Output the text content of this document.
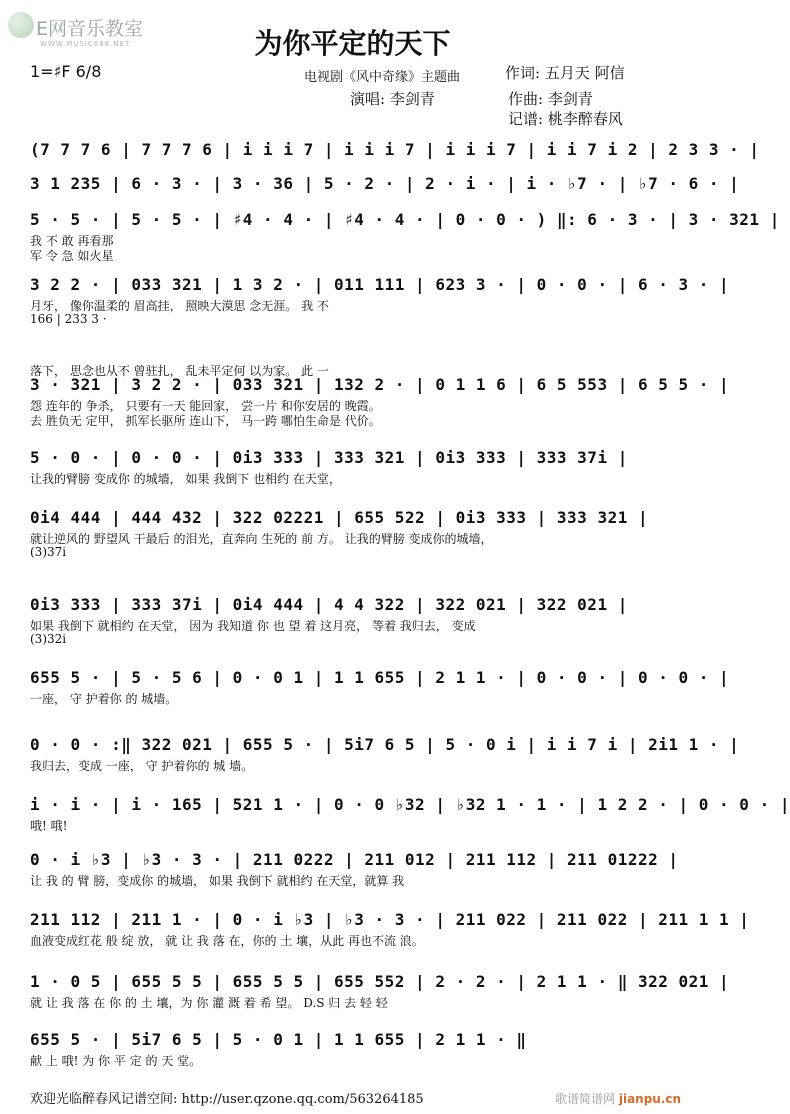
E网音乐教室
WWW.MUSIC888.NET	为你平定的天下
1=♯F 6/8	电视剧《风中奇缘》主题曲	作词: 五月天 阿信
演唱: 李剑青	作曲: 李剑青
记谱: 桃李醉春风
(7 7 7 6 | 7 7 7 6 | i i i 7 | i i i 7 | i i i 7 | i i 7 i 2 | 2 3 3 · |
3 1 235 | 6 · 3 · | 3 · 36 | 5 · 2 · | 2 · i · | i · ♭7 · | ♭7 · 6 · |
5 · 5 · | 5 · 5 · | ♯4 · 4 · | ♯4 · 4 · | 0 · 0 · ) ‖: 6 · 3 · | 3 · 321 |
我 不 敢 再看那
军 令 急 如火星
3 2 2 · | 033 321 | 1 3 2 · | 011 111 | 623 3 · | 0 · 0 · | 6 · 3 · |
月牙， 像你温柔的 眉高挂， 照映大漠思 念无涯。 我 不
166 | 233 3 ·
落下， 思念也从不 曾驻扎， 乱未平定何 以为家。 此 一
3 · 321 | 3 2 2 · | 033 321 | 132 2 · | 0 1 1 6 | 6 5 553 | 6 5 5 · |
怨 连年的 争杀， 只要有一天 能回家， 尝一片 和你安居的 晚霞。
去 胜负无 定甲， 抓军长驱所 连山下， 马一跨 哪怕生命是 代价。
5 · 0 · | 0 · 0 · | 0i3 333 | 333 321 | 0i3 333 | 333 37i |
让我的臂膀 变成你 的城墙， 如果 我倒下 也相约 在天堂，
0i4 444 | 444 432 | 322 02221 | 655 522 | 0i3 333 | 333 321 |
就让逆风的 野望风 干最后 的泪光，直奔向 生死的 前 方。 让我的臂膀 变成你的城墙，
(3)37i
0i3 333 | 333 37i | 0i4 444 | 4 4 322 | 322 021 | 322 021 |
如果 我倒下 就相约 在天堂， 因为 我知道 你 也 望 着 这月亮， 等着 我归去， 变成
(3)32i
655 5 · | 5 · 5 6 | 0 · 0 1 | 1 1 655 | 2 1 1 · | 0 · 0 · | 0 · 0 · |
一座， 守 护着你 的 城墙。
0 · 0 · :‖ 322 021 | 655 5 · | 5i7 6 5 | 5 · 0 i | i i 7 i | 2i1 1 · |
我归去，变成 一座， 守 护着你的 城 墙。
i · i · | i · 165 | 521 1 · | 0 · 0 ♭32 | ♭32 1 · 1 · | 1 2 2 · | 0 · 0 · |
哦! 哦!
0 · i ♭3 | ♭3 · 3 · | 211 0222 | 211 012 | 211 112 | 211 01222 |
让 我 的 臂 膀，变成你 的城墙， 如果 我倒下 就相约 在天堂，就算 我
211 112 | 211 1 · | 0 · i ♭3 | ♭3 · 3 · | 211 022 | 211 022 | 211 1 1 |
血液变成红花 般 绽 放， 就 让 我 落 在，你的 土 壤，从此 再也不流 浪。
1 · 0 5 | 655 5 5 | 655 5 5 | 655 552 | 2 · 2 · | 2 1 1 · ‖ 322 021 |
就 让 我 落 在 你 的 土 壤，为 你 灌 溉 着 希 望。 D.S 归 去 轻 轻
655 5 · | 5i7 6 5 | 5 · 0 1 | 1 1 655 | 2 1 1 · ‖
献 上 哦! 为 你 平 定 的 天 堂。
欢迎光临醉春风记谱空间: http://user.qzone.qq.com/563264185	歌谱简谱网 jianpu.cn
